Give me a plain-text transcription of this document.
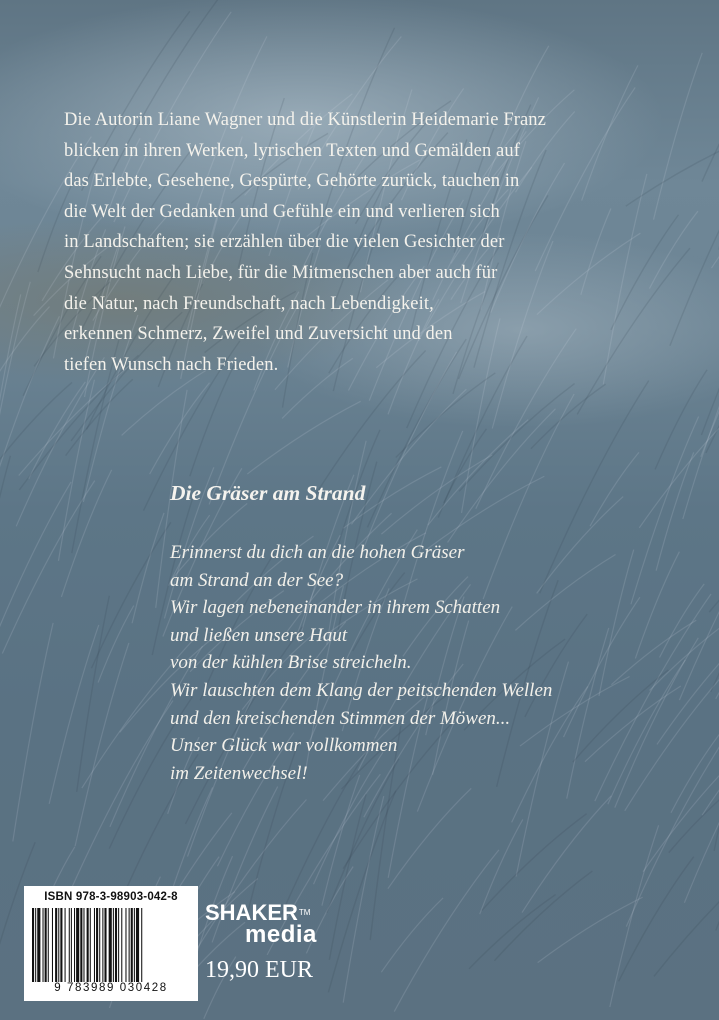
Die Autorin Liane Wagner und die Künstlerin Heidemarie Franz
blicken in ihren Werken, lyrischen Texten und Gemälden auf
das Erlebte, Gesehene, Gespürte, Gehörte zurück, tauchen in
die Welt der Gedanken und Gefühle ein und verlieren sich
in Landschaften; sie erzählen über die vielen Gesichter der
Sehnsucht nach Liebe, für die Mitmenschen aber auch für
die Natur, nach Freundschaft, nach Lebendigkeit,
erkennen Schmerz, Zweifel und Zuversicht und den
tiefen Wunsch nach Frieden.
Die Gräser am Strand
Erinnerst du dich an die hohen Gräser
am Strand an der See?
Wir lagen nebeneinander in ihrem Schatten
und ließen unsere Haut
von der kühlen Brise streicheln.
Wir lauschten dem Klang der peitschenden Wellen
und den kreischenden Stimmen der Möwen...
Unser Glück war vollkommen
im Zeitenwechsel!
ISBN 978-3-98903-042-8
9 783989 030428
SHAKER™
media
19,90 EUR
